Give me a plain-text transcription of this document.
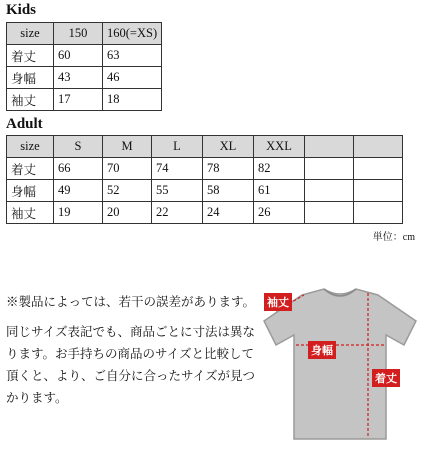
Kids
size	150	160(=XS)
着丈	60	63
身幅	43	46
袖丈	17	18
Adult
size	S	M	L	XL	XXL		
着丈	66	70	74	78	82		
身幅	49	52	55	58	61		
袖丈	19	20	22	24	26		
単位：cm
※製品によっては、若干の誤差があります。
同じサイズ表記でも、商品ごとに寸法は異な
ります。お手持ちの商品のサイズと比較して
頂くと、より、ご自分に合ったサイズが見つ
かります。
袖丈
身幅
着丈
